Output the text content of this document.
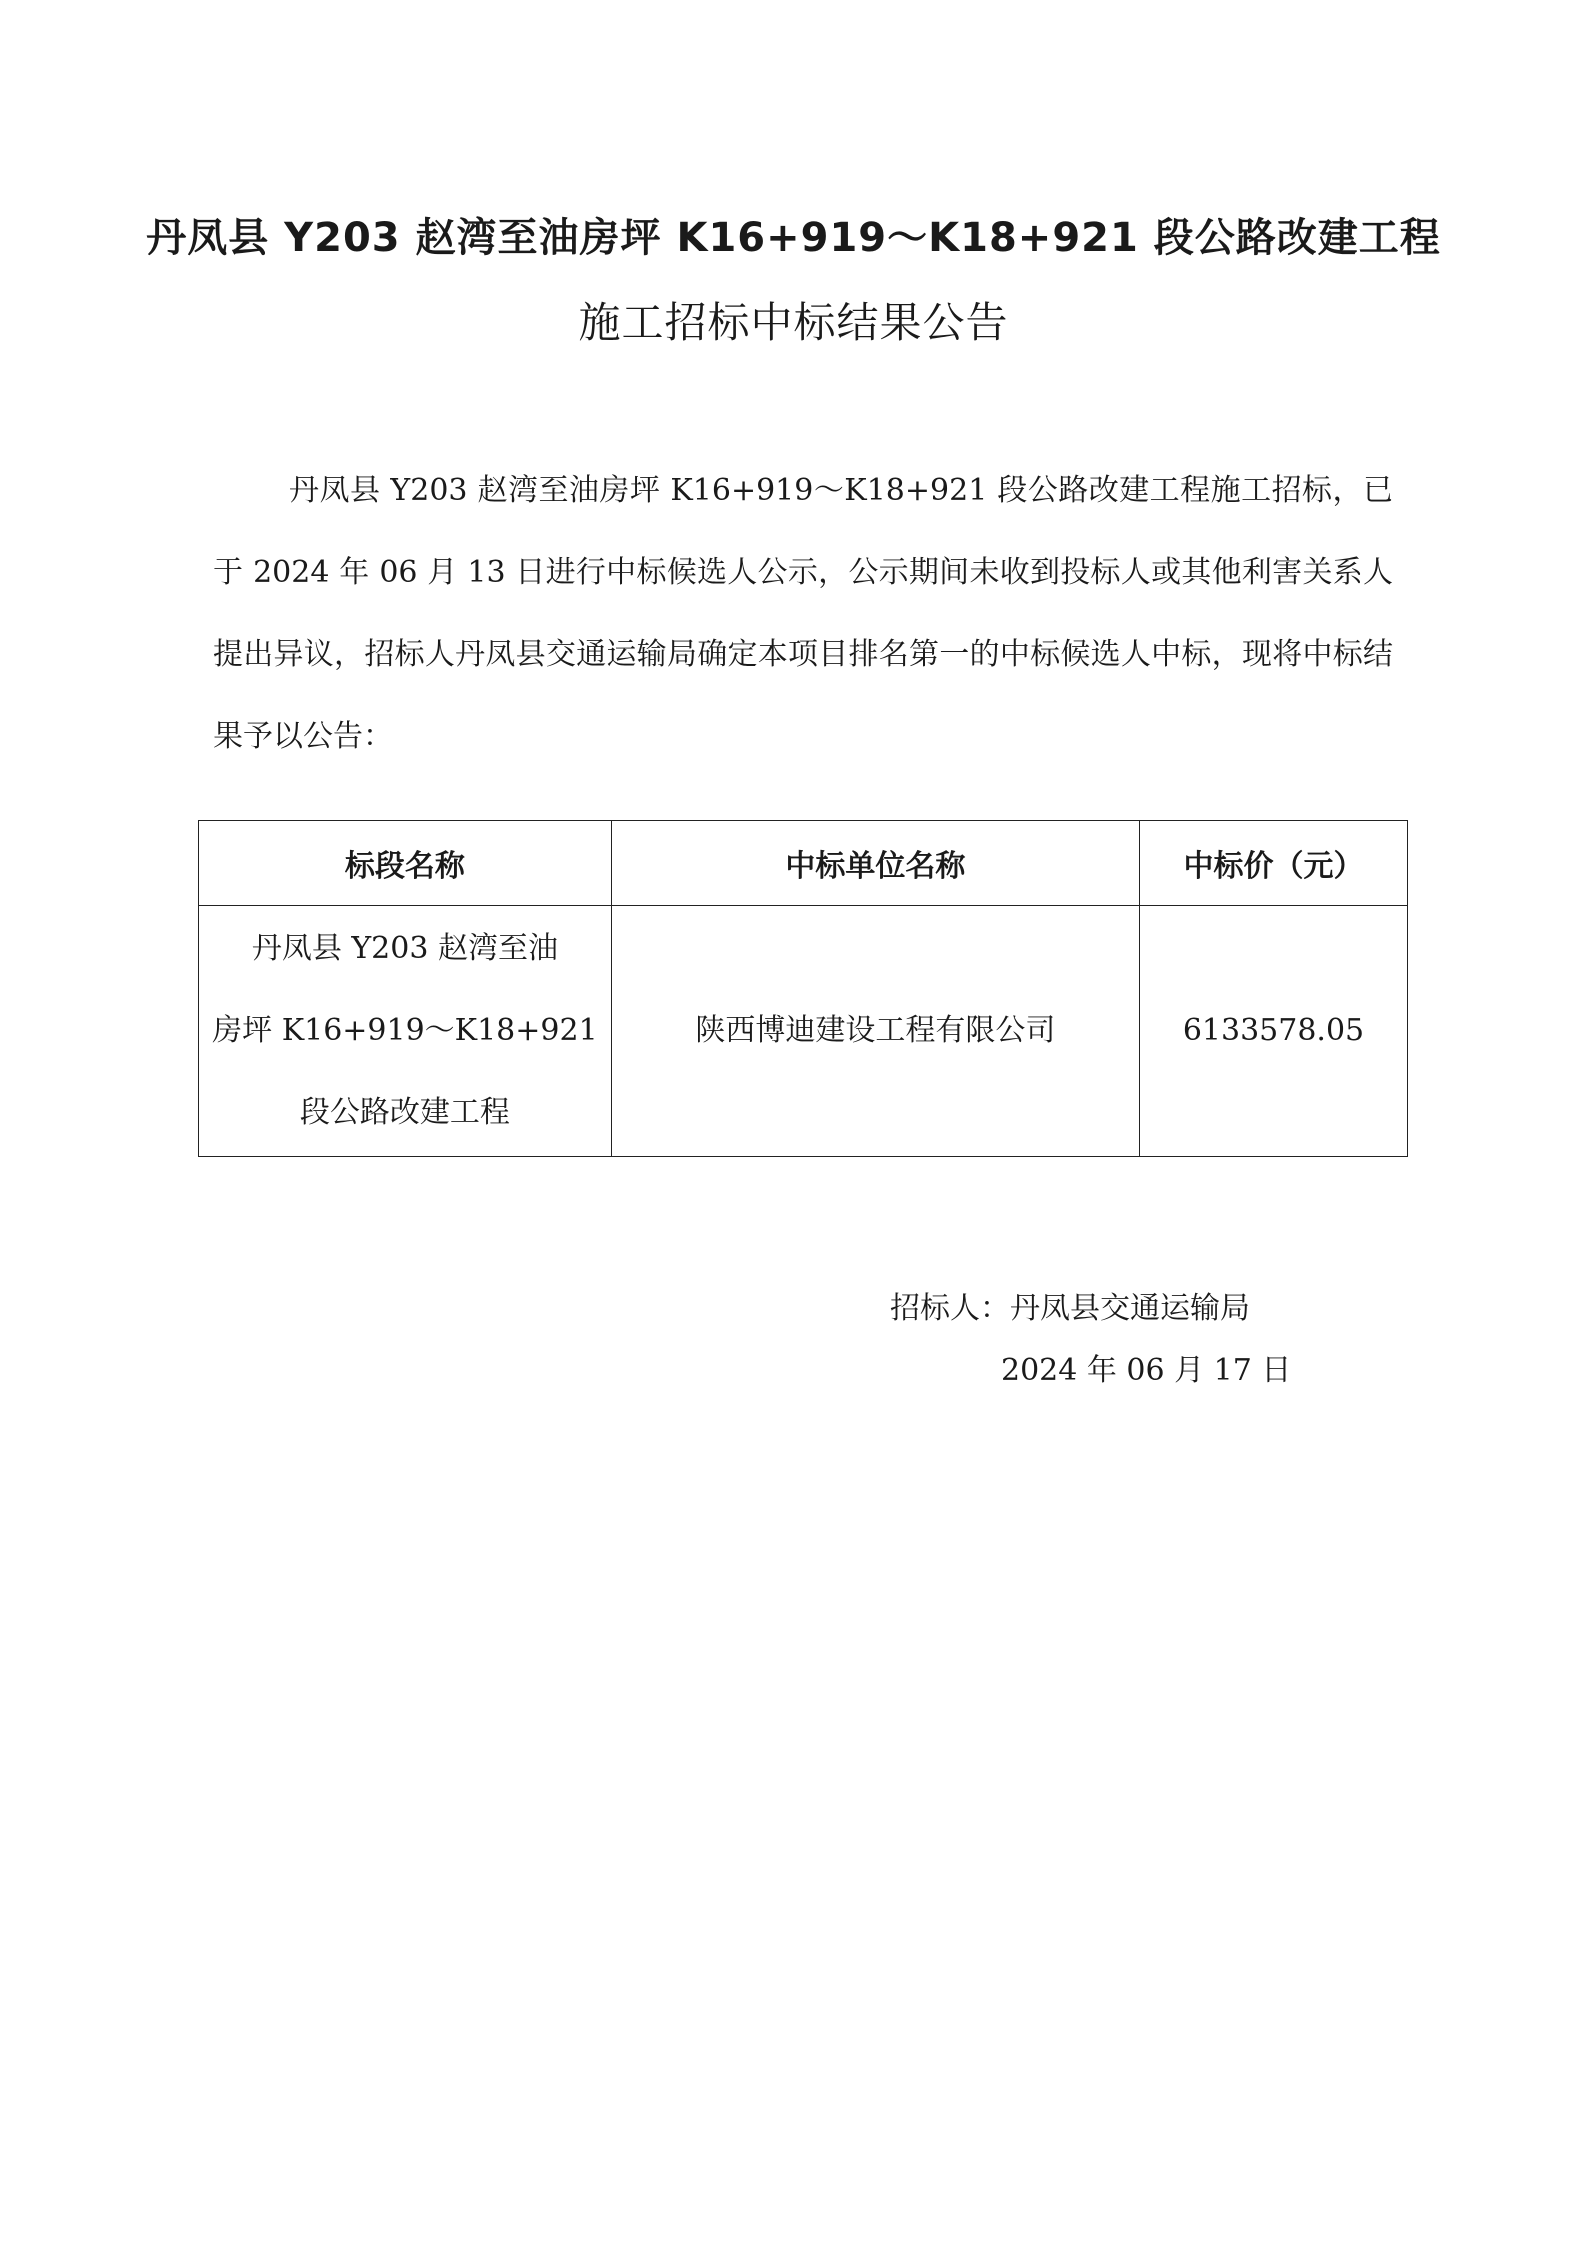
丹凤县 Y203 赵湾至油房坪 K16+919～K18+921 段公路改建工程
施工招标中标结果公告

丹凤县 Y203 赵湾至油房坪 K16+919～K18+921 段公路改建工程施工招标，已于 2024 年 06 月 13 日进行中标候选人公示，公示期间未收到投标人或其他利害关系人提出异议，招标人丹凤县交通运输局确定本项目排名第一的中标候选人中标，现将中标结果予以公告：

标段名称	中标单位名称	中标价（元）

丹凤县 Y203 赵湾至油
房坪 K16+919～K18+921
段公路改建工程	陕西博迪建设工程有限公司	6133578.05
招标人：丹凤县交通运输局
2024 年 06 月 17 日
